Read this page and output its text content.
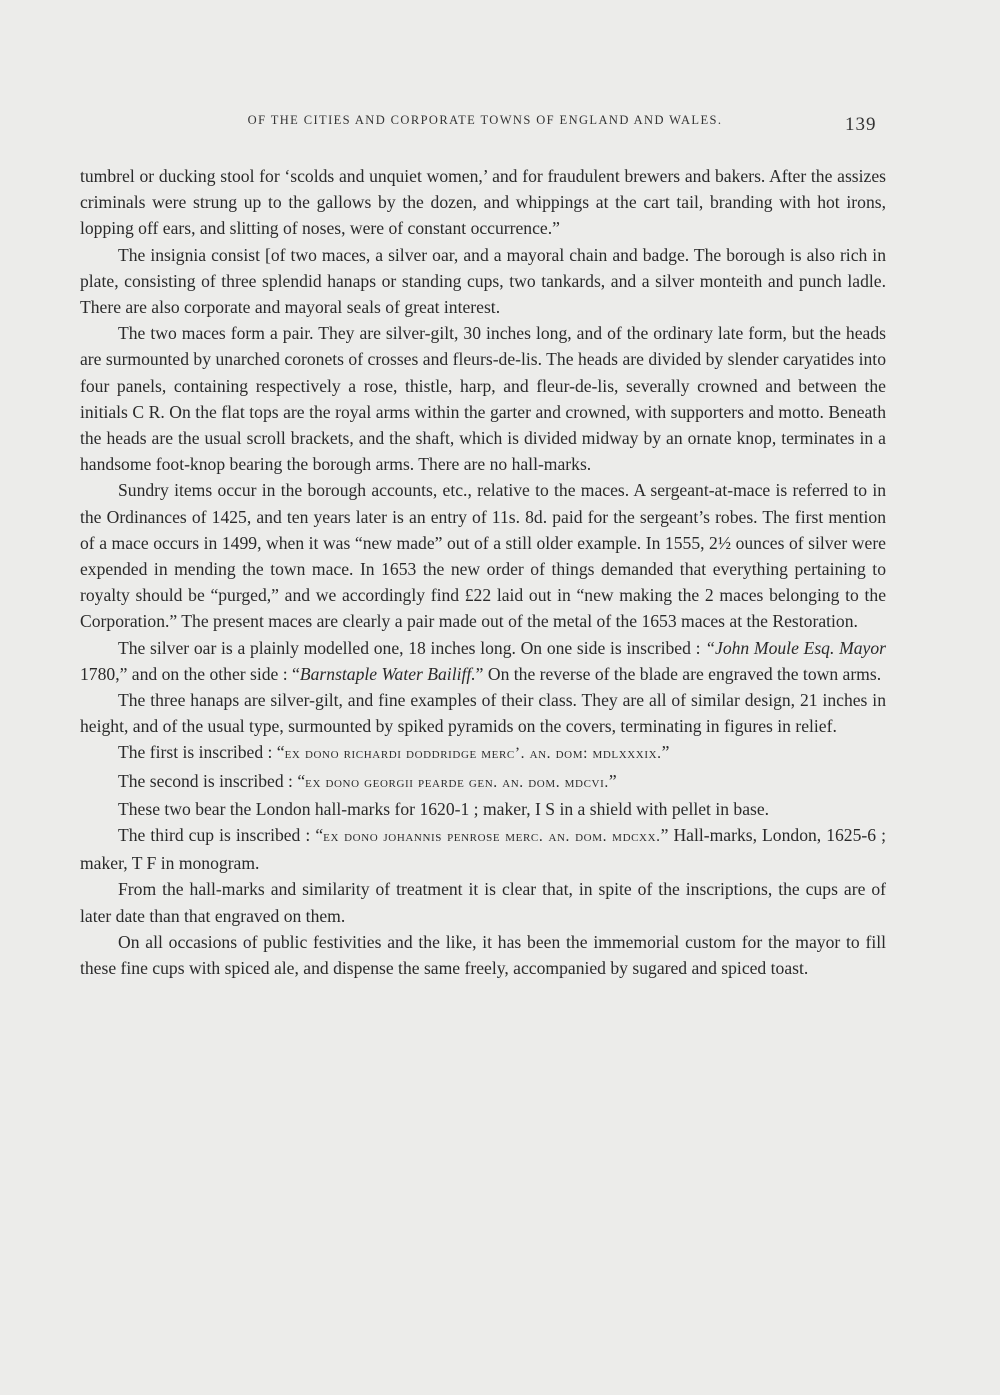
OF THE CITIES AND CORPORATE TOWNS OF ENGLAND AND WALES.	139

tumbrel or ducking stool for ‘scolds and unquiet women,’ and for fraudulent brewers and bakers. After the assizes criminals were strung up to the gallows by the dozen, and whippings at the cart tail, branding with hot irons, lopping off ears, and slitting of noses, were of constant occurrence.”

The insignia consist [of two maces, a silver oar, and a mayoral chain and badge. The borough is also rich in plate, consisting of three splendid hanaps or standing cups, two tankards, and a silver monteith and punch ladle. There are also corporate and mayoral seals of great interest.

The two maces form a pair. They are silver-gilt, 30 inches long, and of the ordinary late form, but the heads are surmounted by unarched coronets of crosses and fleurs-de-lis. The heads are divided by slender caryatides into four panels, containing respectively a rose, thistle, harp, and fleur-de-lis, severally crowned and between the initials C R. On the flat tops are the royal arms within the garter and crowned, with supporters and motto. Beneath the heads are the usual scroll brackets, and the shaft, which is divided midway by an ornate knop, terminates in a handsome foot-knop bearing the borough arms. There are no hall-marks.

Sundry items occur in the borough accounts, etc., relative to the maces. A sergeant-at-mace is referred to in the Ordinances of 1425, and ten years later is an entry of 11s. 8d. paid for the sergeant’s robes. The first mention of a mace occurs in 1499, when it was “new made” out of a still older example. In 1555, 2½ ounces of silver were expended in mending the town mace. In 1653 the new order of things demanded that everything pertaining to royalty should be “purged,” and we accordingly find £22 laid out in “new making the 2 maces belonging to the Corporation.” The present maces are clearly a pair made out of the metal of the 1653 maces at the Restoration.

The silver oar is a plainly modelled one, 18 inches long. On one side is inscribed : “John Moule Esq. Mayor 1780,” and on the other side : “Barnstaple Water Bailiff.” On the reverse of the blade are engraved the town arms.

The three hanaps are silver-gilt, and fine examples of their class. They are all of similar design, 21 inches in height, and of the usual type, surmounted by spiked pyramids on the covers, terminating in figures in relief.

The first is inscribed : “ex dono richardi doddridge merc’. an. dom: mdlxxxix.”

The second is inscribed : “ex dono georgii pearde gen. an. dom. mdcvi.”

These two bear the London hall-marks for 1620-1 ; maker, I S in a shield with pellet in base.

The third cup is inscribed : “ex dono johannis penrose merc. an. dom. mdcxx.” Hall-marks, London, 1625-6 ; maker, T F in monogram.

From the hall-marks and similarity of treatment it is clear that, in spite of the inscriptions, the cups are of later date than that engraved on them.

On all occasions of public festivities and the like, it has been the immemorial custom for the mayor to fill these fine cups with spiced ale, and dispense the same freely, accompanied by sugared and spiced toast.
